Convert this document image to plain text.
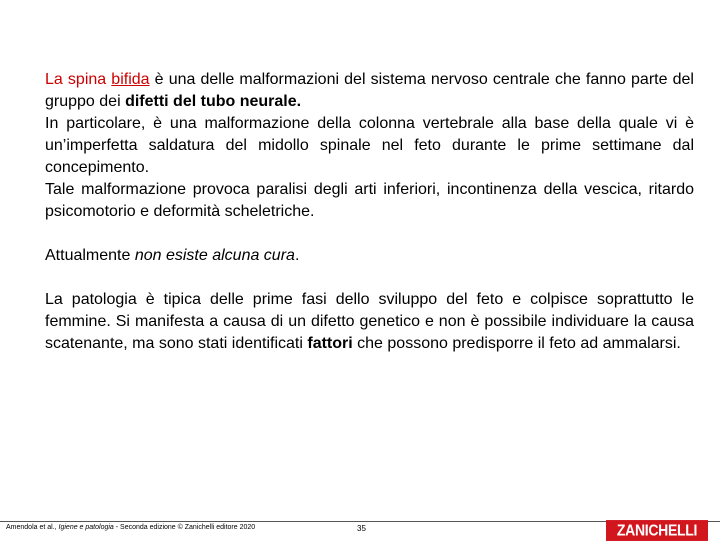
La spina bifida è una delle malformazioni del sistema nervoso centrale che fanno parte del gruppo dei difetti del tubo neurale.

In particolare, è una malformazione della colonna vertebrale alla base della quale vi è un’imperfetta saldatura del midollo spinale nel feto durante le prime settimane dal concepimento.

Tale malformazione provoca paralisi degli arti inferiori, incontinenza della vescica, ritardo psicomotorio e deformità scheletriche.

Attualmente non esiste alcuna cura.

La patologia è tipica delle prime fasi dello sviluppo del feto e colpisce soprattutto le femmine. Si manifesta a causa di un difetto genetico e non è possibile individuare la causa scatenante, ma sono stati identificati fattori che possono predisporre il feto ad ammalarsi.

Amendola et al., Igiene e patologia - Seconda edizione © Zanichelli editore 2020	35	ZANICHELLI
